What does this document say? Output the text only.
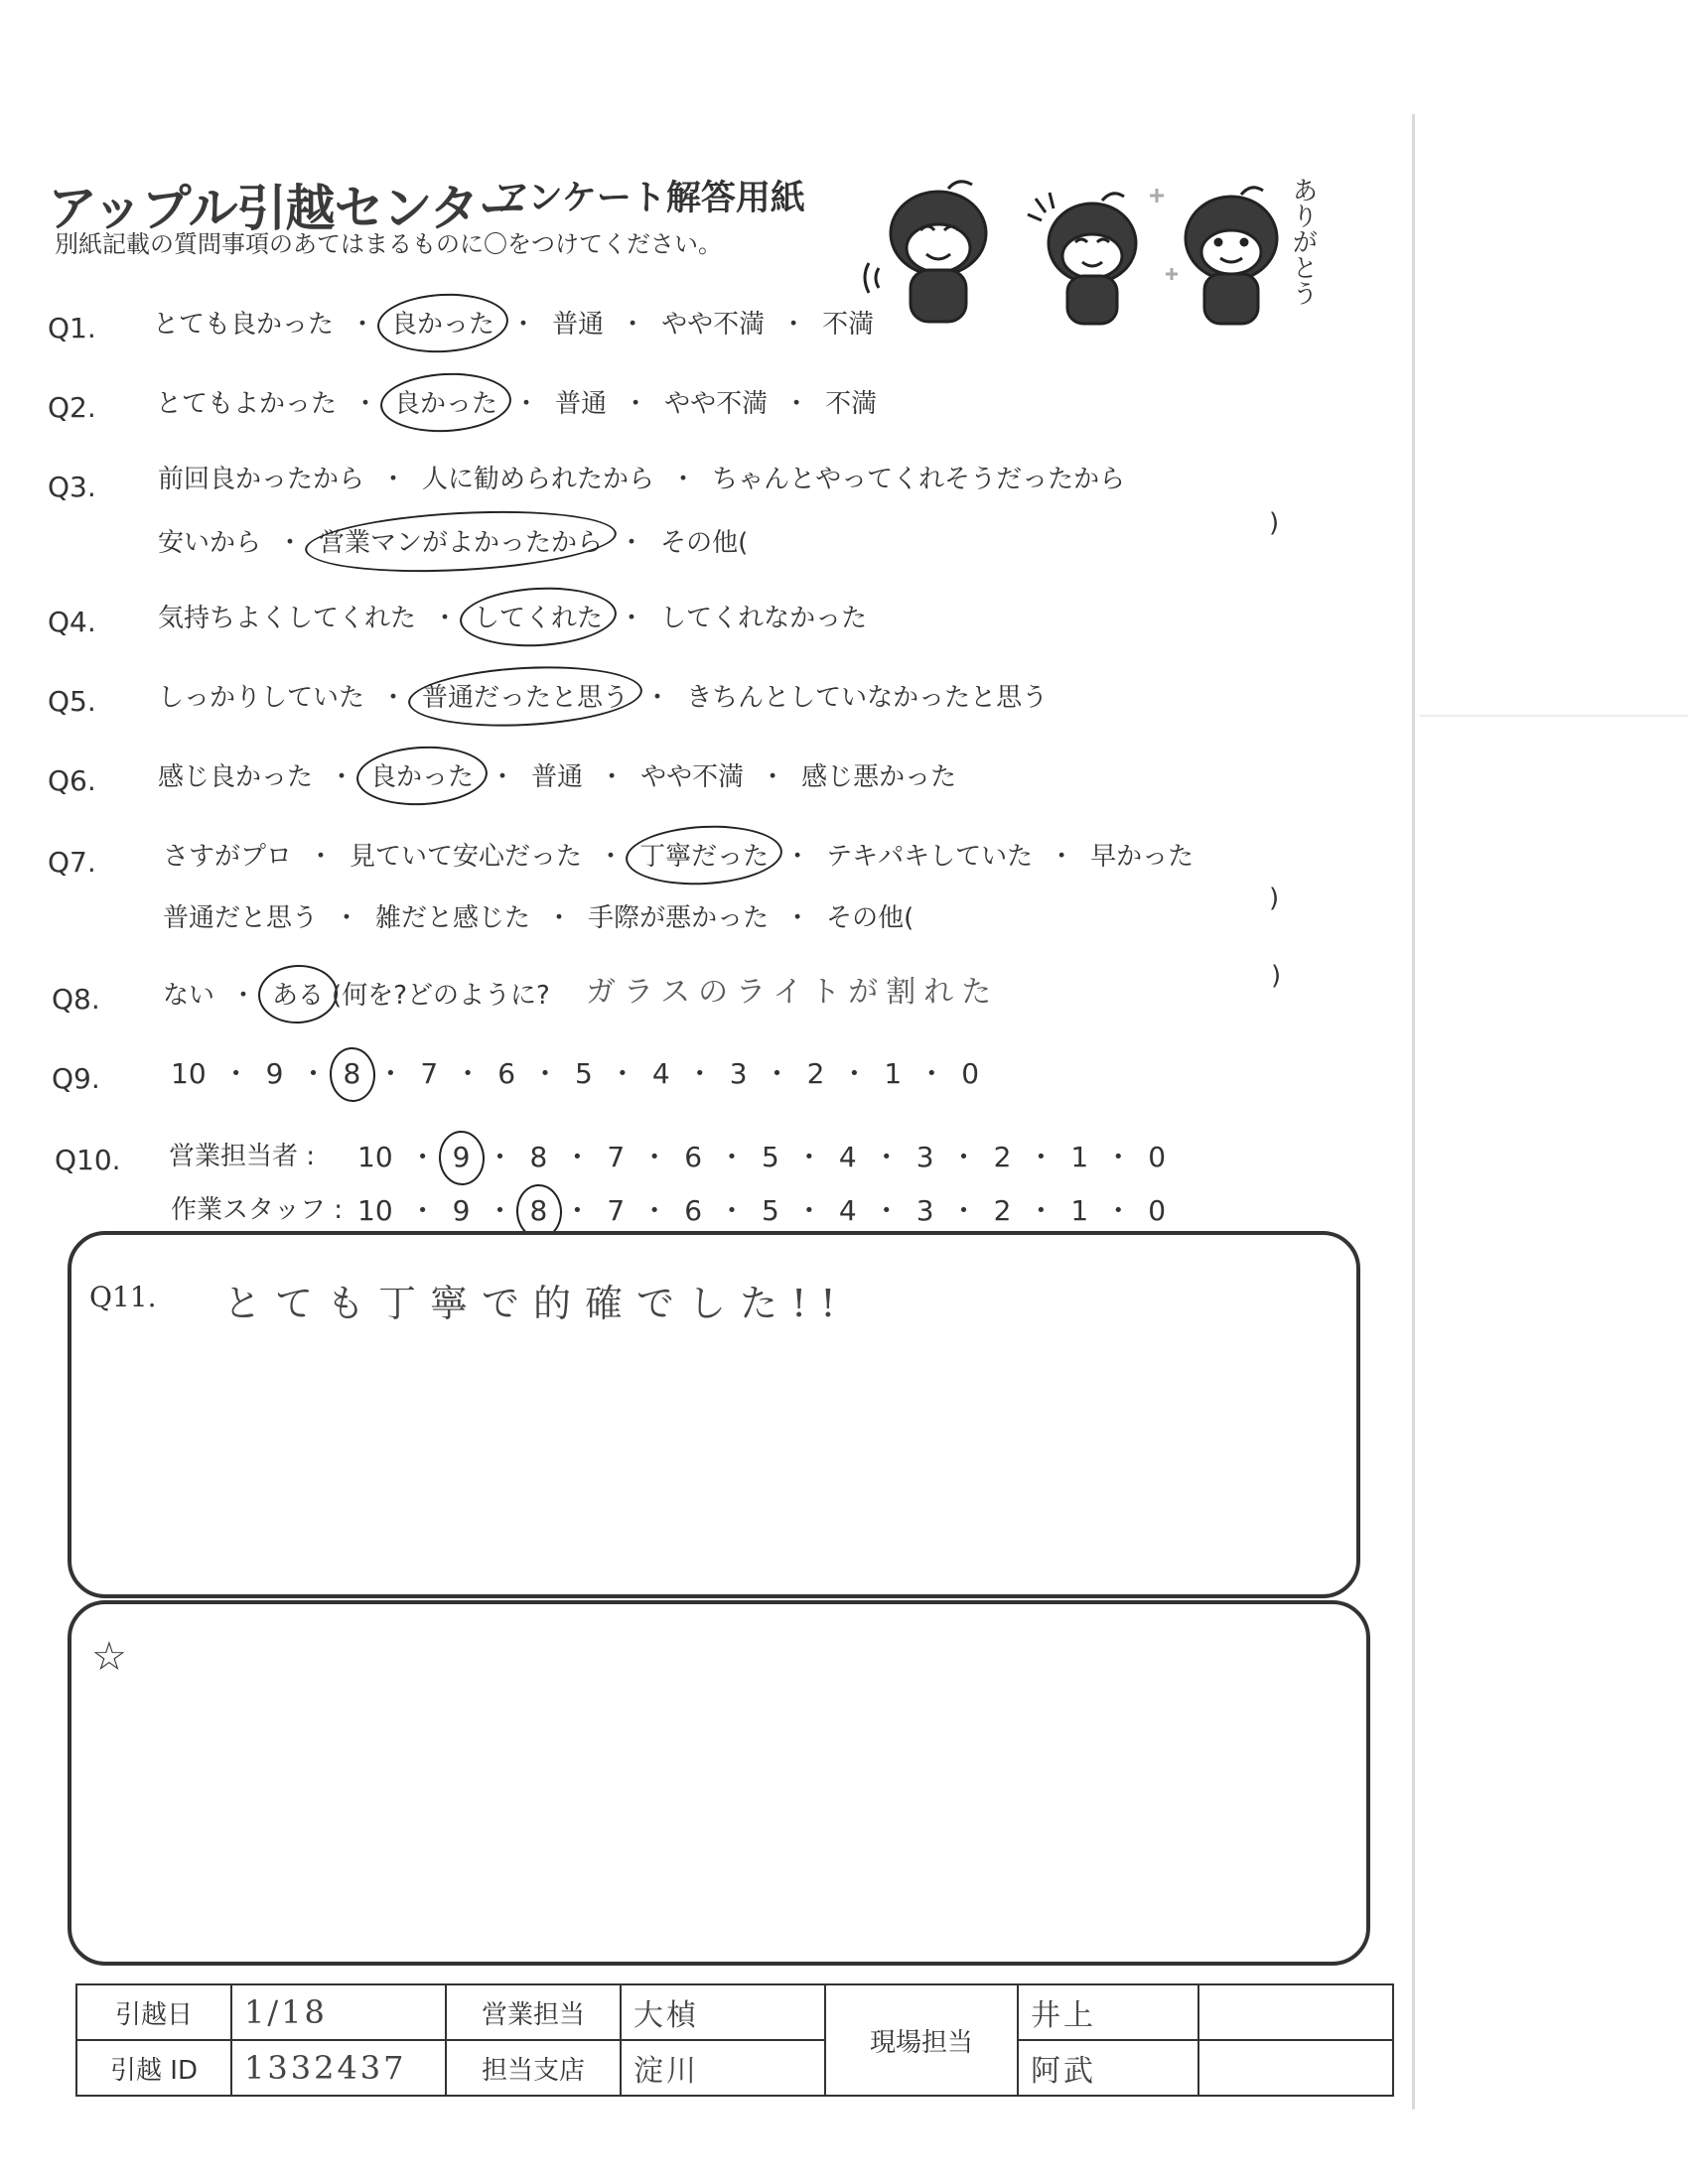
アップル引越センター
アンケート解答用紙
別紙記載の質問事項のあてはまるものに〇をつけてください。	ありがとう
Q1. とても良かった ・ 良かった ・ 普通 ・ やや不満 ・ 不満
Q2. とてもよかった ・ 良かった ・ 普通 ・ やや不満 ・ 不満
Q3. 前回良かったから ・ 人に勧められたから ・ ちゃんとやってくれそうだったから
安いから ・ 営業マンがよかったから ・ その他(
)
Q4. 気持ちよくしてくれた ・ してくれた ・ してくれなかった
Q5. しっかりしていた ・ 普通だったと思う ・ きちんとしていなかったと思う
Q6. 感じ良かった ・ 良かった ・ 普通 ・ やや不満 ・ 感じ悪かった
Q7.	さすがプロ ・ 見ていて安心だった ・ 丁寧だった ・ テキパキしていた ・ 早かった
普通だと思う ・ 雑だと感じた ・ 手際が悪かった ・ その他(
)
Q8. ない ・ ある (何を?どのように? ガラスのライトが割れた	)
Q9.	10 ・ 9 ・ 8 ・ 7 ・ 6 ・ 5 ・ 4 ・ 3 ・ 2 ・ 1 ・ 0
Q10. 営業担当者 : 10 ・ 9 ・ 8 ・ 7 ・ 6 ・ 5 ・ 4 ・ 3 ・ 2 ・ 1 ・ 0
作業スタッフ : 10 ・ 9 ・ 8 ・ 7 ・ 6 ・ 5 ・ 4 ・ 3 ・ 2 ・ 1 ・ 0
Q11. とても丁寧で的確でした!!
☆
引越日	1/18	営業担当	大楨	現場担当	井上	
引越 ID	1332437	担当支店	淀川		阿武	
